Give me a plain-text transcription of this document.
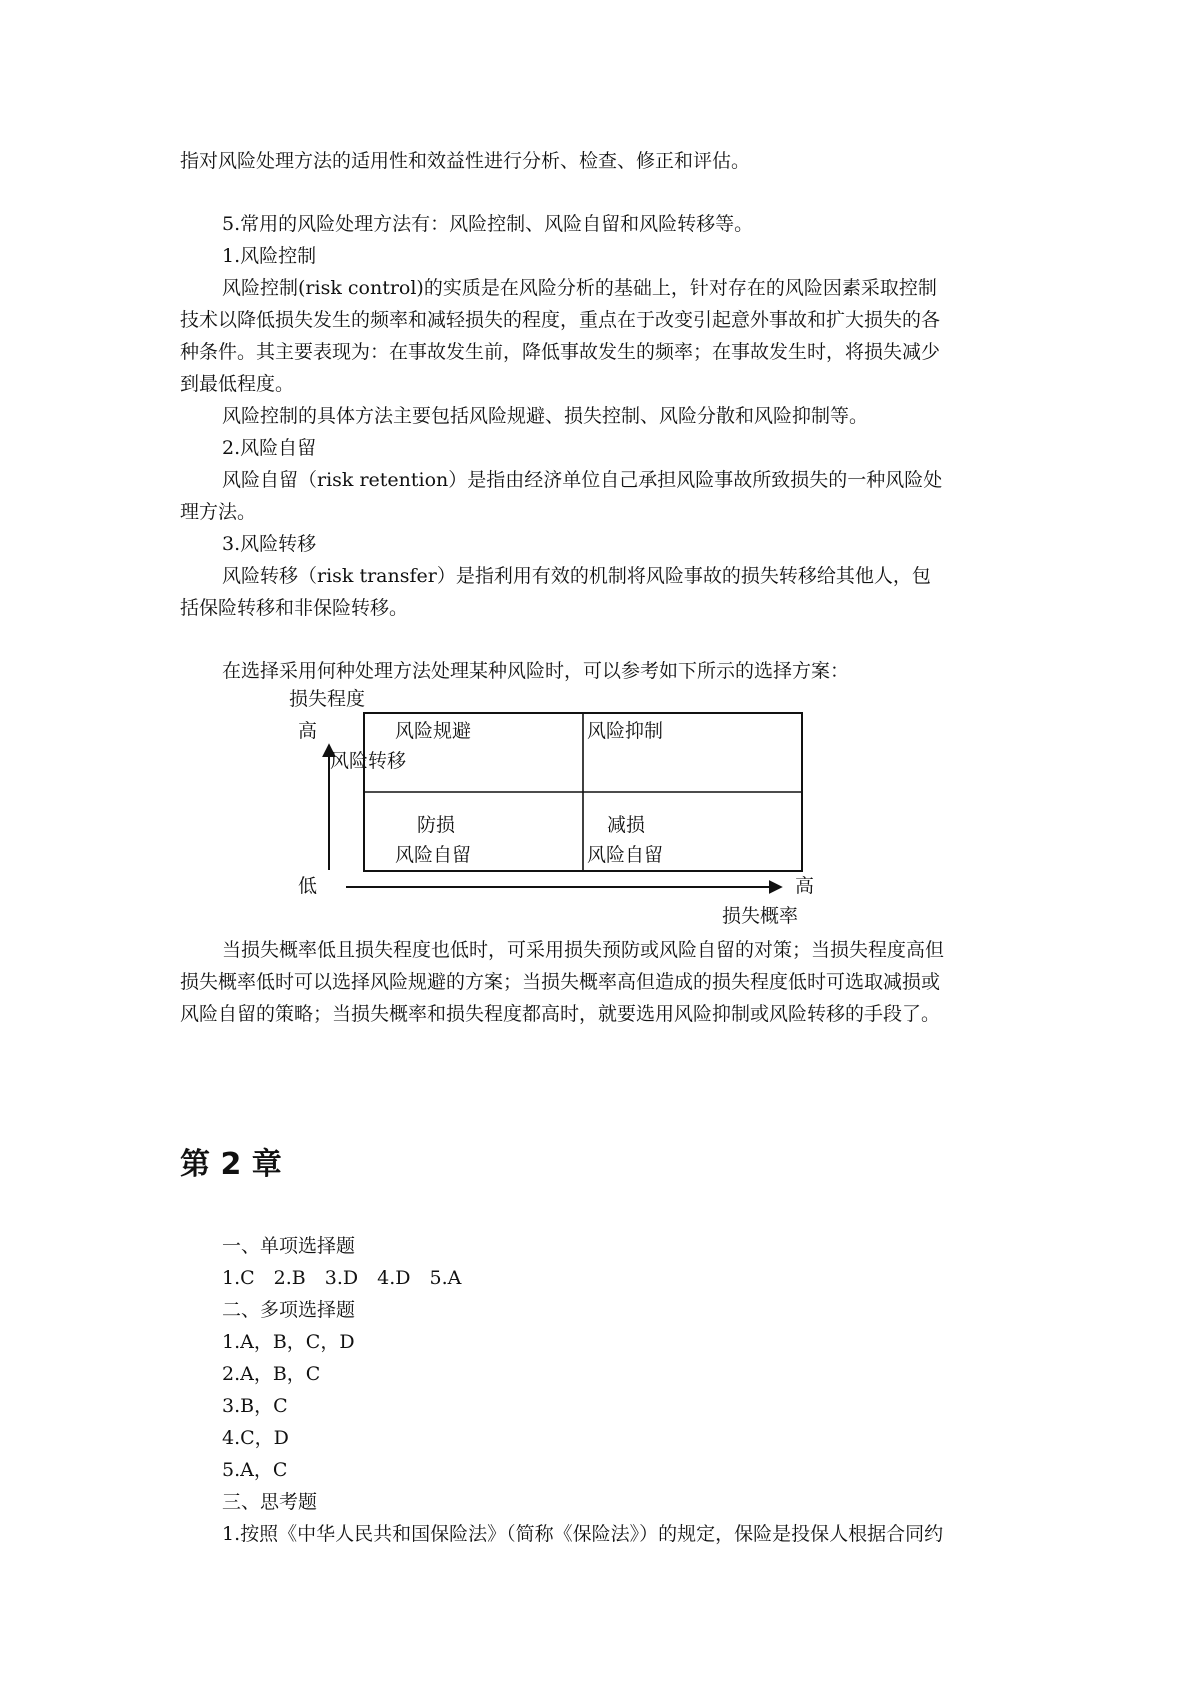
指对风险处理方法的适用性和效益性进行分析、检查、修正和评估。
5.常用的风险处理方法有：风险控制、风险自留和风险转移等。
1.风险控制
风险控制(risk control)的实质是在风险分析的基础上，针对存在的风险因素采取控制
技术以降低损失发生的频率和减轻损失的程度，重点在于改变引起意外事故和扩大损失的各
种条件。其主要表现为：在事故发生前，降低事故发生的频率；在事故发生时，将损失减少
到最低程度。
风险控制的具体方法主要包括风险规避、损失控制、风险分散和风险抑制等。
2.风险自留
风险自留（risk retention）是指由经济单位自己承担风险事故所致损失的一种风险处
理方法。
3.风险转移
风险转移（risk transfer）是指利用有效的机制将风险事故的损失转移给其他人，包
括保险转移和非保险转移。
在选择采用何种处理方法处理某种风险时，可以参考如下所示的选择方案：
损失程度
高	风险规避
风险转移
风险抑制
防损
风险自留
减损
风险自留
低	高
损失概率
当损失概率低且损失程度也低时，可采用损失预防或风险自留的对策；当损失程度高但
损失概率低时可以选择风险规避的方案；当损失概率高但造成的损失程度低时可选取减损或
风险自留的策略；当损失概率和损失程度都高时，就要选用风险抑制或风险转移的手段了。
第 2 章
一、单项选择题
1.C　2.B　3.D　4.D　5.A
二、多项选择题
1.A，B，C，D
2.A，B，C
3.B，C
4.C，D
5.A，C
三、思考题
1.按照《中华人民共和国保险法》（简称《保险法》）的规定，保险是投保人根据合同约
